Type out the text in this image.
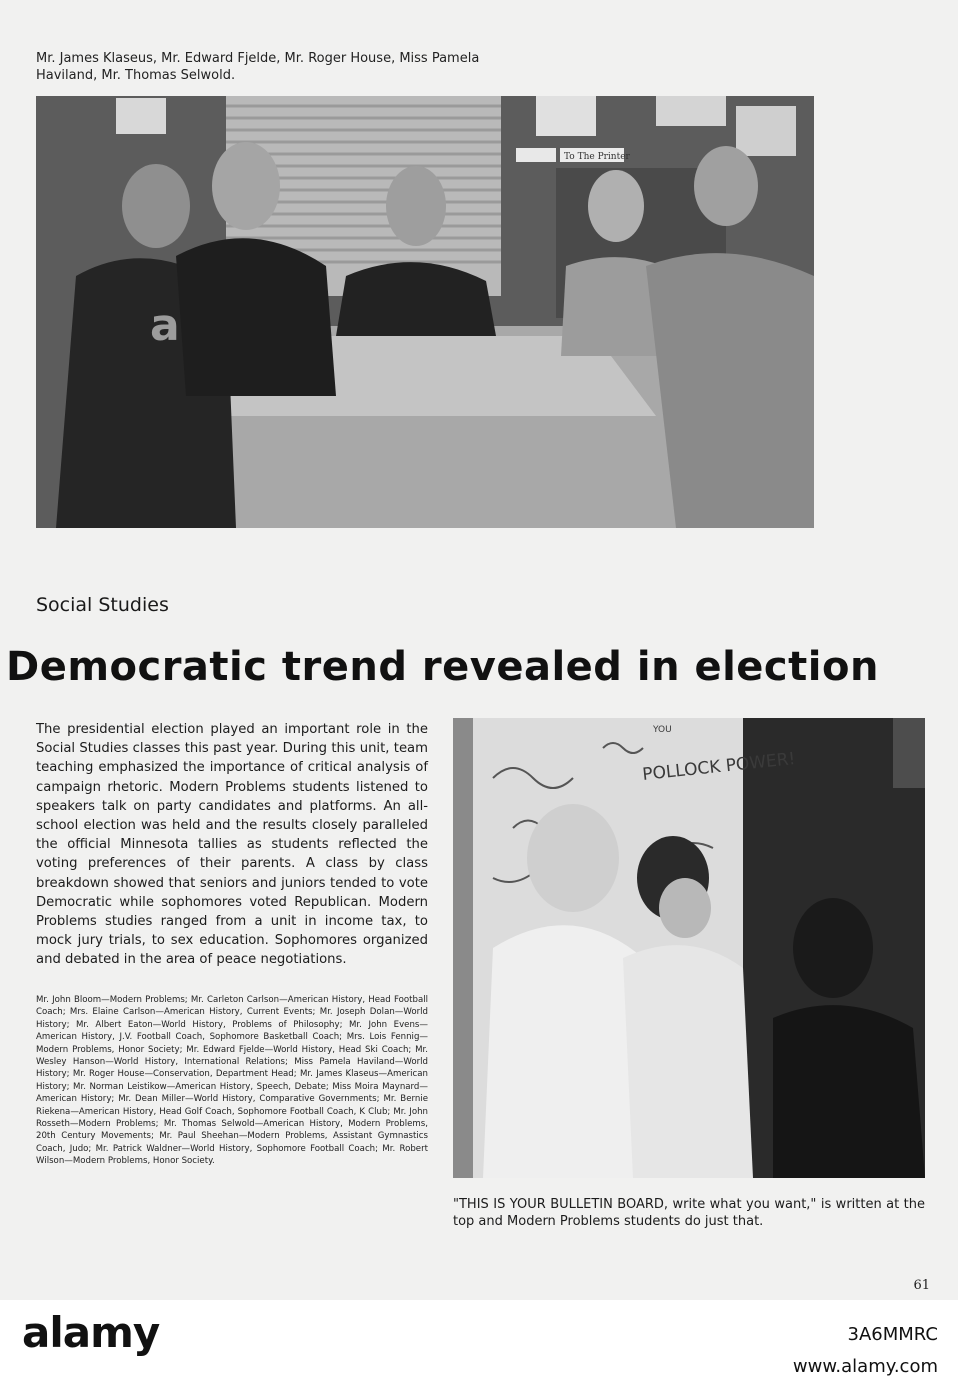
Mr. James Klaseus, Mr. Edward Fjelde, Mr. Roger House, Miss Pamela Haviland, Mr. Thomas Selwold.
To The Printer
Social Studies
Democratic trend revealed in election
The presidential election played an important role in the Social Studies classes this past year. During this unit, team teaching emphasized the importance of critical analysis of campaign rhetoric. Modern Problems students listened to speakers talk on party candidates and platforms. An all-school election was held and the results closely paralleled the official Minnesota tallies as students reflected the voting preferences of their parents. A class by class breakdown showed that seniors and juniors tended to vote Democratic while sophomores voted Republican. Modern Problems studies ranged from a unit in income tax, to mock jury trials, to sex education. Sophomores organized and debated in the area of peace negotiations.
Mr. John Bloom—Modern Problems; Mr. Carleton Carlson—American History, Head Football Coach; Mrs. Elaine Carlson—American History, Current Events; Mr. Joseph Dolan—World History; Mr. Albert Eaton—World History, Problems of Philosophy; Mr. John Evens—American History, J.V. Football Coach, Sophomore Basketball Coach; Mrs. Lois Fennig—Modern Problems, Honor Society; Mr. Edward Fjelde—World History, Head Ski Coach; Mr. Wesley Hanson—World History, International Relations; Miss Pamela Haviland—World History; Mr. Roger House—Conservation, Department Head; Mr. James Klaseus—American History; Mr. Norman Leistikow—American History, Speech, Debate; Miss Moira Maynard—American History; Mr. Dean Miller—World History, Comparative Governments; Mr. Bernie Riekena—American History, Head Golf Coach, Sophomore Football Coach, K Club; Mr. John Rosseth—Modern Problems; Mr. Thomas Selwold—American History, Modern Problems, 20th Century Movements; Mr. Paul Sheehan—Modern Problems, Assistant Gymnastics Coach, Judo; Mr. Patrick Waldner—World History, Sophomore Football Coach; Mr. Robert Wilson—Modern Problems, Honor Society.
POLLOCK POWER!
YOU
"THIS IS YOUR BULLETIN BOARD, write what you want," is written at the top and Modern Problems students do just that.
61
a
alamy	3A6MMRC
www.alamy.com
